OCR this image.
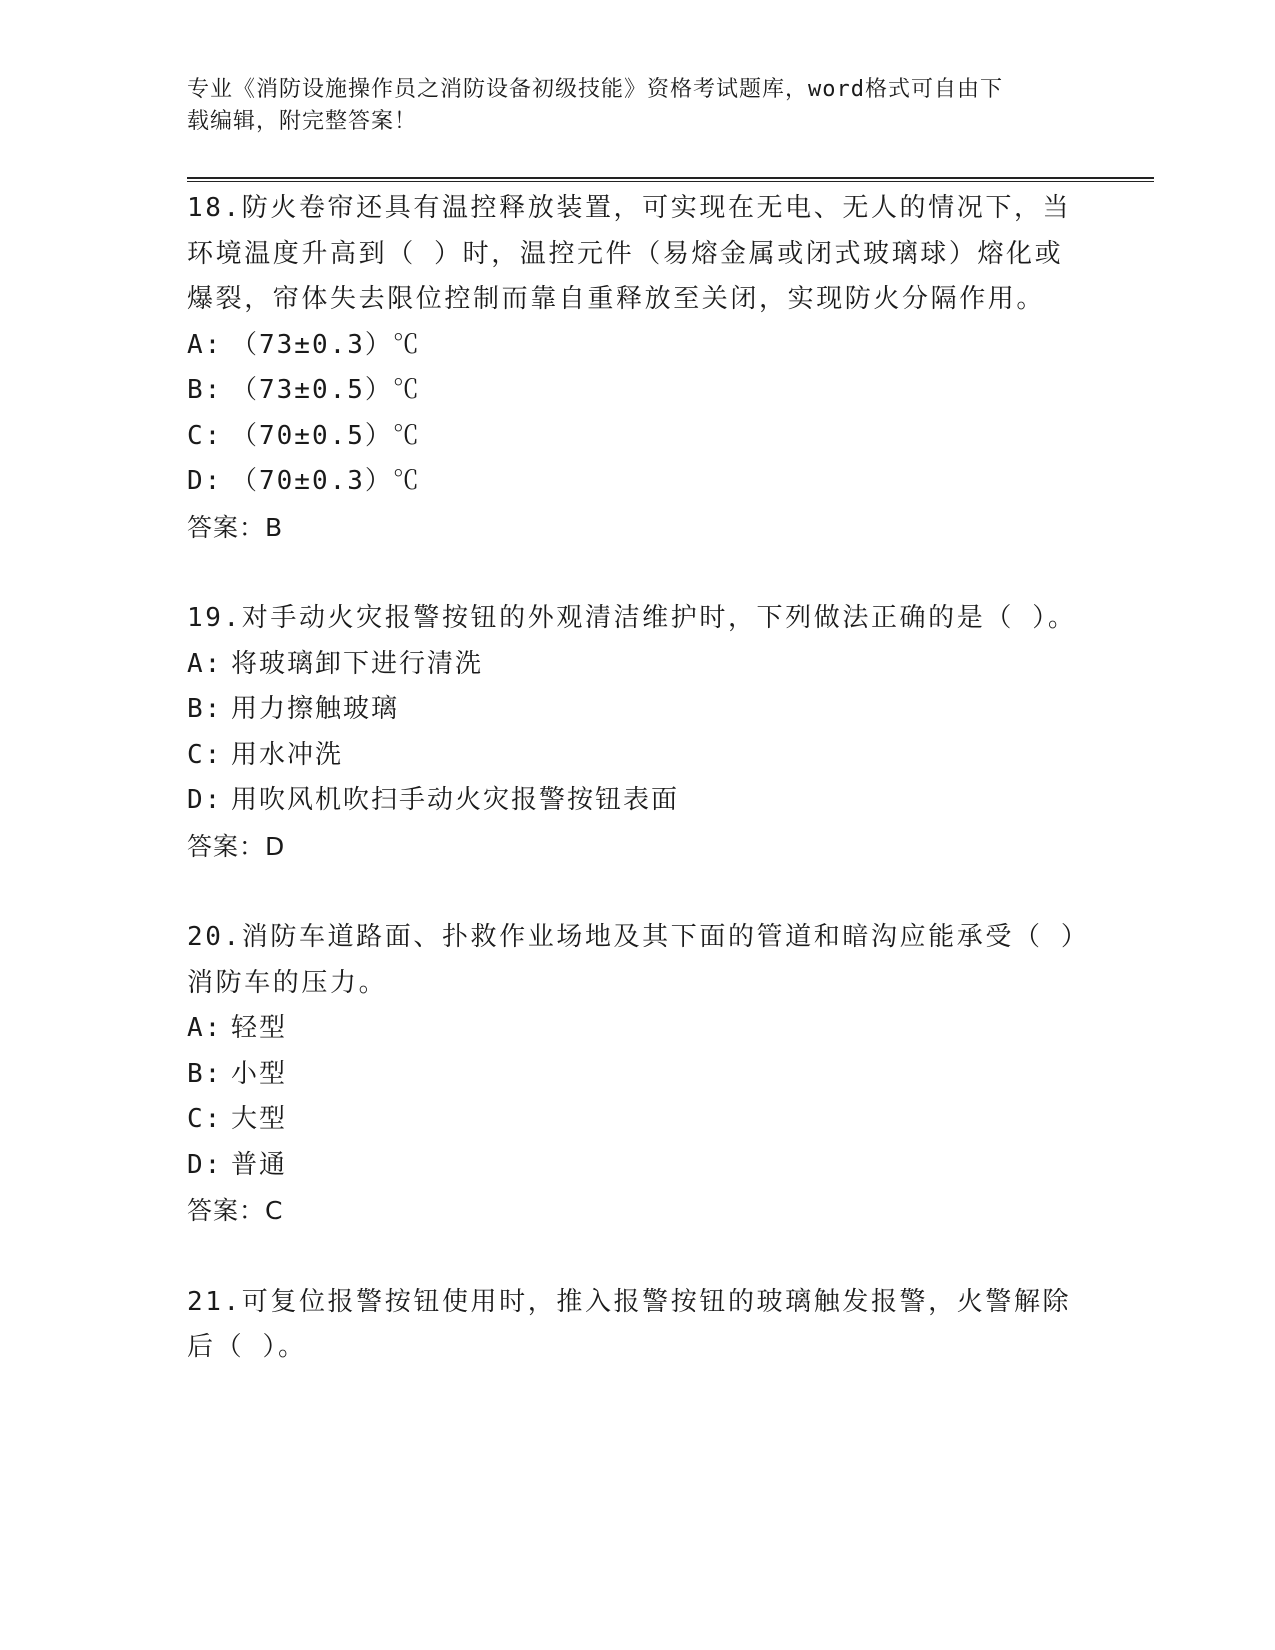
专业《消防设施操作员之消防设备初级技能》资格考试题库，word格式可自由下
载编辑，附完整答案！

18.防火卷帘还具有温控释放装置，可实现在无电、无人的情况下，当环境温度升高到（ ）时，温控元件（易熔金属或闭式玻璃球）熔化或爆裂，帘体失去限位控制而靠自重释放至关闭，实现防火分隔作用。

A: （73±0.3）℃

B: （73±0.5）℃

C: （70±0.5）℃

D: （70±0.3）℃

答案：B

19.对手动火灾报警按钮的外观清洁维护时，下列做法正确的是（ ）。

A: 将玻璃卸下进行清洗

B: 用力擦触玻璃

C: 用水冲洗

D: 用吹风机吹扫手动火灾报警按钮表面

答案：D

20.消防车道路面、扑救作业场地及其下面的管道和暗沟应能承受（ ）消防车的压力。

A: 轻型

B: 小型

C: 大型

D: 普通

答案：C

21.可复位报警按钮使用时，推入报警按钮的玻璃触发报警，火警解除后（ ）。
